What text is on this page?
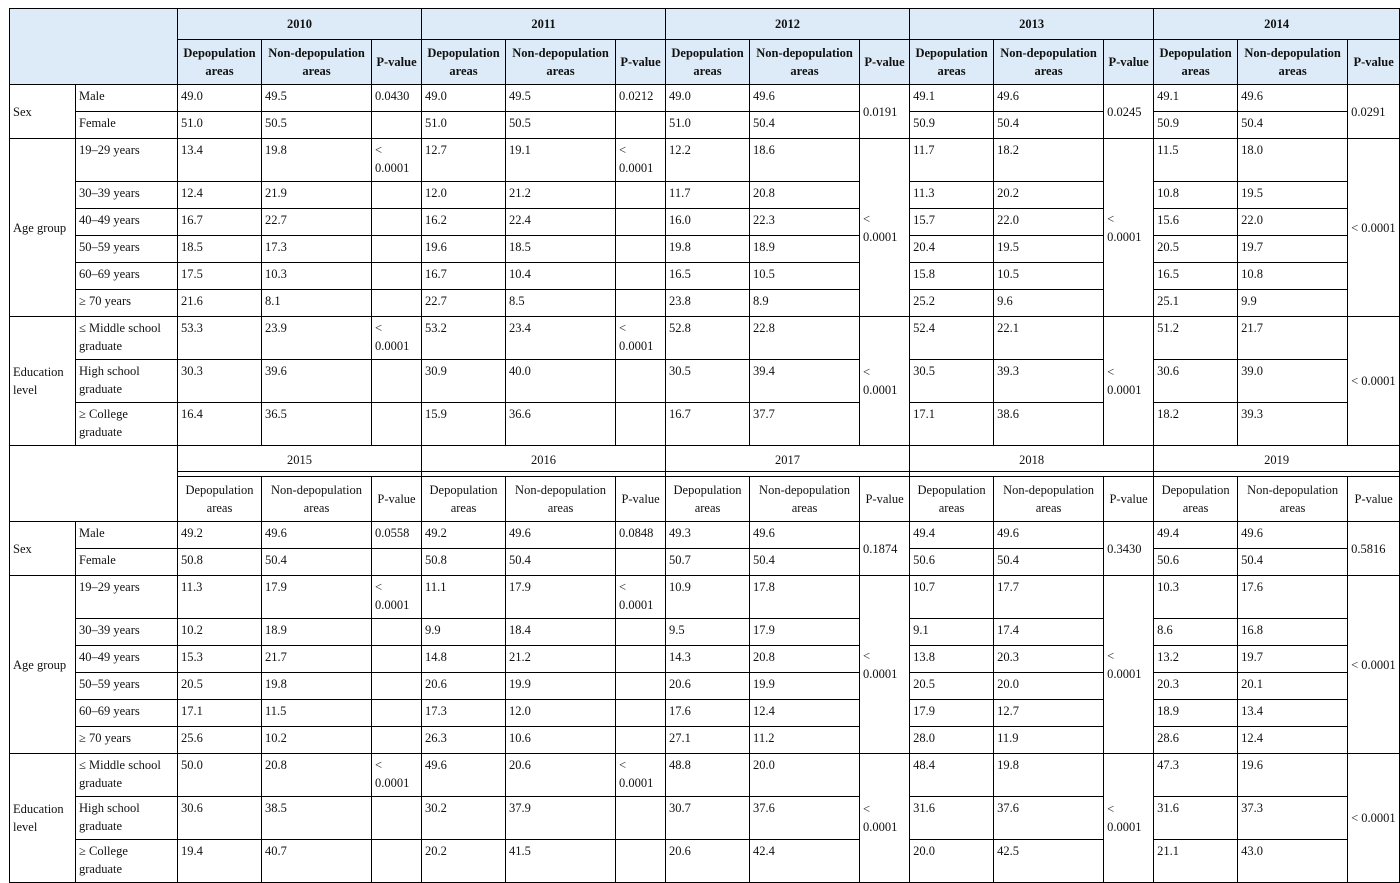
		2010			2011			2012			2013			2014		
		Depopulation areas	Non-depopulation areas	P-value	Depopulation areas	Non-depopulation areas	P-value	Depopulation areas	Non-depopulation areas	P-value	Depopulation areas	Non-depopulation areas	P-value	Depopulation areas	Non-depopulation areas	P-value
Sex	Male	49.0	49.5	0.0430	49.0	49.5	0.0212	49.0	49.6	0.0191	49.1	49.6	0.0245	49.1	49.6	0.0291
	Female	51.0	50.5		51.0	50.5		51.0	50.4		50.9	50.4		50.9	50.4	
Age group	19–29 years	13.4	19.8	< 0.0001	12.7	19.1	< 0.0001	12.2	18.6	< 0.0001	11.7	18.2	< 0.0001	11.5	18.0	< 0.0001
	30–39 years	12.4	21.9		12.0	21.2		11.7	20.8		11.3	20.2		10.8	19.5	
	40–49 years	16.7	22.7		16.2	22.4		16.0	22.3		15.7	22.0		15.6	22.0	
	50–59 years	18.5	17.3		19.6	18.5		19.8	18.9		20.4	19.5		20.5	19.7	
	60–69 years	17.5	10.3		16.7	10.4		16.5	10.5		15.8	10.5		16.5	10.8	
	≥ 70 years	21.6	8.1		22.7	8.5		23.8	8.9		25.2	9.6		25.1	9.9	
Education level	≤ Middle school graduate	53.3	23.9	< 0.0001	53.2	23.4	< 0.0001	52.8	22.8	< 0.0001	52.4	22.1	< 0.0001	51.2	21.7	< 0.0001
	High school graduate	30.3	39.6		30.9	40.0		30.5	39.4		30.5	39.3		30.6	39.0	
	≥ College graduate	16.4	36.5		15.9	36.6		16.7	37.7		17.1	38.6		18.2	39.3	

		2015			2016			2017			2018			2019		

		Depopulation areas	Non-depopulation areas	P-value	Depopulation areas	Non-depopulation areas	P-value	Depopulation areas	Non-depopulation areas	P-value	Depopulation areas	Non-depopulation areas	P-value	Depopulation areas	Non-depopulation areas	P-value
Sex	Male	49.2	49.6	0.0558	49.2	49.6	0.0848	49.3	49.6	0.1874	49.4	49.6	0.3430	49.4	49.6	0.5816
	Female	50.8	50.4		50.8	50.4		50.7	50.4		50.6	50.4		50.6	50.4	
Age group	19–29 years	11.3	17.9	< 0.0001	11.1	17.9	< 0.0001	10.9	17.8	< 0.0001	10.7	17.7	< 0.0001	10.3	17.6	< 0.0001
	30–39 years	10.2	18.9		9.9	18.4		9.5	17.9		9.1	17.4		8.6	16.8	
	40–49 years	15.3	21.7		14.8	21.2		14.3	20.8		13.8	20.3		13.2	19.7	
	50–59 years	20.5	19.8		20.6	19.9		20.6	19.9		20.5	20.0		20.3	20.1	
	60–69 years	17.1	11.5		17.3	12.0		17.6	12.4		17.9	12.7		18.9	13.4	
	≥ 70 years	25.6	10.2		26.3	10.6		27.1	11.2		28.0	11.9		28.6	12.4	
Education level	≤ Middle school graduate	50.0	20.8	< 0.0001	49.6	20.6	< 0.0001	48.8	20.0	< 0.0001	48.4	19.8	< 0.0001	47.3	19.6	< 0.0001
	High school graduate	30.6	38.5		30.2	37.9		30.7	37.6		31.6	37.6		31.6	37.3	
	≥ College graduate	19.4	40.7		20.2	41.5		20.6	42.4		20.0	42.5		21.1	43.0	
